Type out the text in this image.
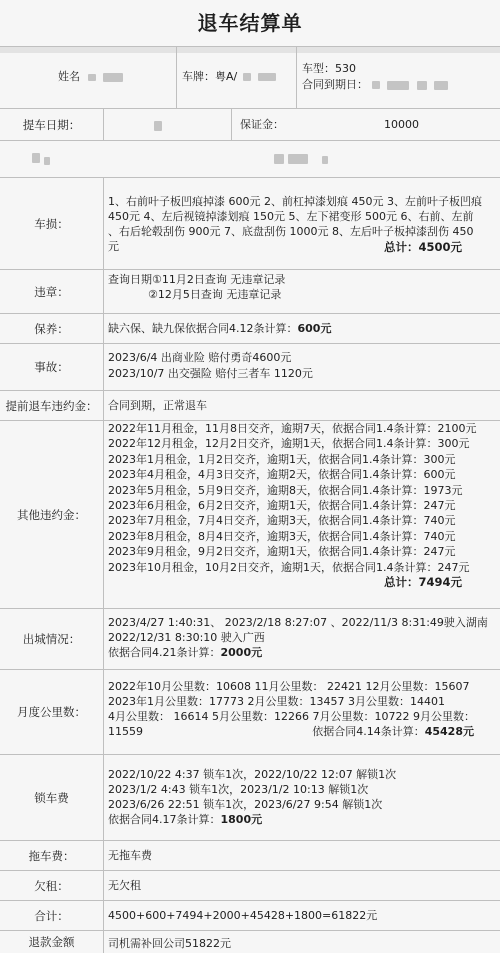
退车结算单
姓名	车牌：粤A/
车型：530
合同到期日：
提车日期：	保证金：	10000
车损：
1、右前叶子板凹痕掉漆 600元 2、前杠掉漆划痕 450元 3、左前叶子板凹痕
450元 4、左后视镜掉漆划痕 150元 5、左下裙变形 500元 6、右前、左前
、右后轮毂刮伤 900元 7、底盘刮伤 1000元 8、左后叶子板掉漆刮伤 450
元	总计：4500元
违章：
查询日期①11月2日查询 无违章记录
②12月5日查询 无违章记录
保养：	缺六保、缺九保依据合同4.12条计算：600元
事故：
2023/6/4 出商业险 赔付勇奇4600元
2023/10/7 出交强险 赔付三者车 1120元
提前退车违约金： 合同到期，正常退车
其他违约金：
2022年11月租金，11月8日交齐，逾期7天，依据合同1.4条计算：2100元
2022年12月租金，12月2日交齐，逾期1天，依据合同1.4条计算：300元
2023年1月租金，1月2日交齐，逾期1天，依据合同1.4条计算：300元
2023年4月租金，4月3日交齐，逾期2天，依据合同1.4条计算：600元
2023年5月租金，5月9日交齐，逾期8天，依据合同1.4条计算：1973元
2023年6月租金，6月2日交齐，逾期1天，依据合同1.4条计算：247元
2023年7月租金，7月4日交齐，逾期3天，依据合同1.4条计算：740元
2023年8月租金，8月4日交齐，逾期3天，依据合同1.4条计算：740元
2023年9月租金，9月2日交齐，逾期1天，依据合同1.4条计算：247元
2023年10月租金，10月2日交齐，逾期1天，依据合同1.4条计算：247元
总计：7494元
出城情况：
2023/4/27 1:40:31、 2023/2/18 8:27:07 、2022/11/3 8:31:49驶入湖南
2022/12/31 8:30:10 驶入广西
依据合同4.21条计算：2000元
月度公里数：
2022年10月公里数：10608 11月公里数： 22421 12月公里数：15607
2023年1月公里数：17773 2月公里数：13457 3月公里数：14401
4月公里数： 16614 5月公里数：12266 7月公里数：10722 9月公里数：
11559	依据合同4.14条计算：45428元
锁车费
2022/10/22 4:37 锁车1次，2022/10/22 12:07 解锁1次
2023/1/2 4:43 锁车1次，2023/1/2 10:13 解锁1次
2023/6/26 22:51 锁车1次，2023/6/27 9:54 解锁1次
依据合同4.17条计算：1800元
拖车费：	无拖车费
欠租：	无欠租
合计：	4500+600+7494+2000+45428+1800=61822元
退款金额	司机需补回公司51822元
